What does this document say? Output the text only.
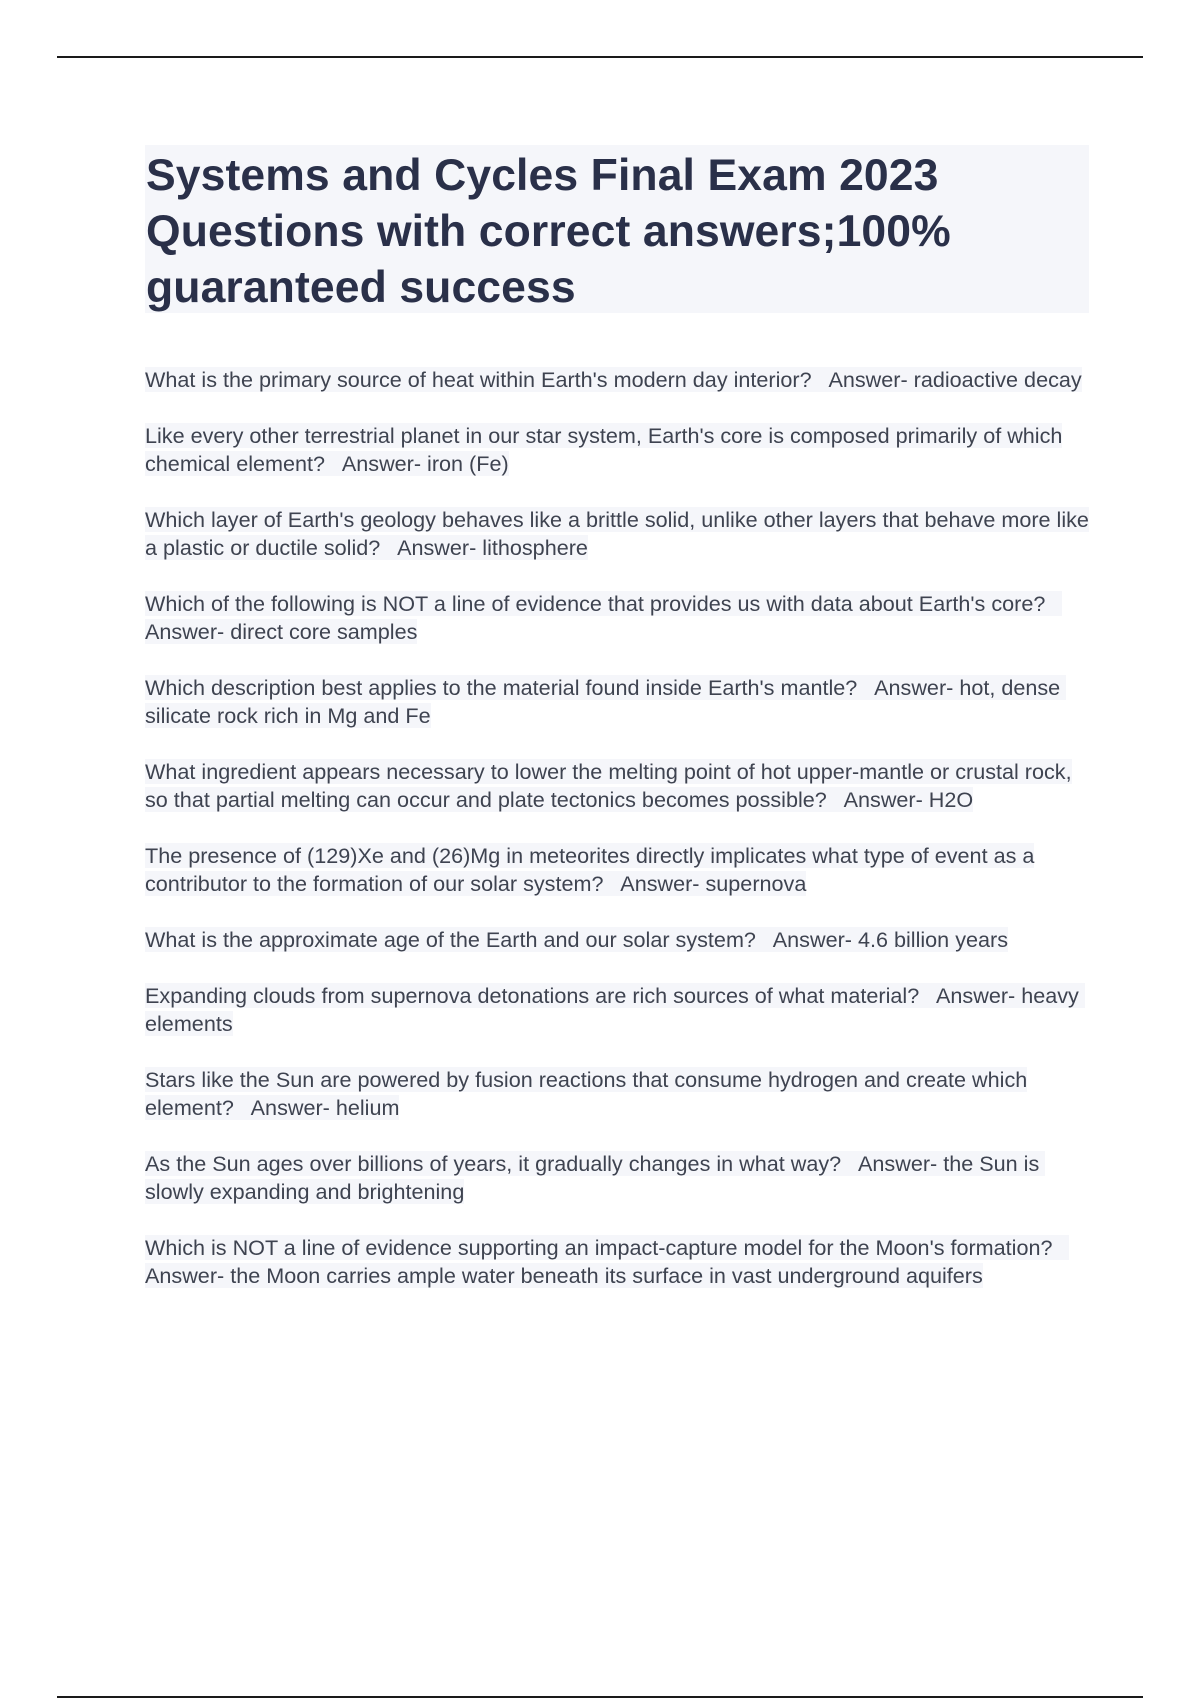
Systems and Cycles Final Exam 2023 Questions with correct answers;100% guaranteed success

What is the primary source of heat within Earth's modern day interior? Answer- radioactive decay

Like every other terrestrial planet in our star system, Earth's core is composed primarily of which chemical element? Answer- iron (Fe)

Which layer of Earth's geology behaves like a brittle solid, unlike other layers that behave more like a plastic or ductile solid? Answer- lithosphere

Which of the following is NOT a line of evidence that provides us with data about Earth's core?   Answer- direct core samples

Which description best applies to the material found inside Earth's mantle? Answer- hot, dense silicate rock rich in Mg and Fe

What ingredient appears necessary to lower the melting point of hot upper-mantle or crustal rock, so that partial melting can occur and plate tectonics becomes possible? Answer- H2O

The presence of (129)Xe and (26)Mg in meteorites directly implicates what type of event as a contributor to the formation of our solar system? Answer- supernova

What is the approximate age of the Earth and our solar system? Answer- 4.6 billion years

Expanding clouds from supernova detonations are rich sources of what material? Answer- heavy elements

Stars like the Sun are powered by fusion reactions that consume hydrogen and create which element? Answer- helium

As the Sun ages over billions of years, it gradually changes in what way? Answer- the Sun is slowly expanding and brightening

Which is NOT a line of evidence supporting an impact-capture model for the Moon's formation?   Answer- the Moon carries ample water beneath its surface in vast underground aquifers
